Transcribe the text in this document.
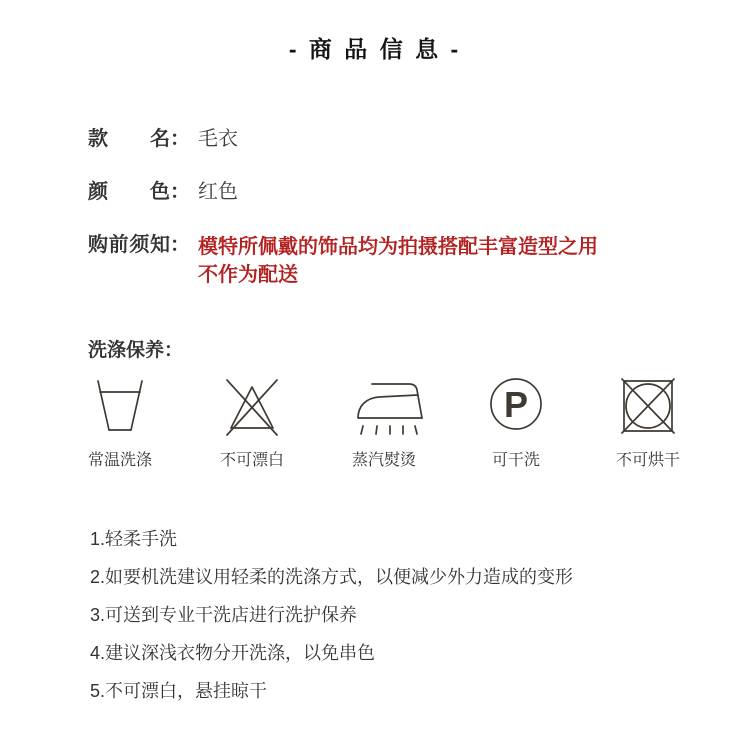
- 商 品 信 息 -
款名 ： 毛衣
颜色 ： 红色
购前须知 ： 模特所佩戴的饰品均为拍摄搭配丰富造型之用
不作为配送
洗涤保养：
常温洗涤	不可漂白	蒸汽熨烫
P
可干洗	不可烘干
1.轻柔手洗
2.如要机洗建议用轻柔的洗涤方式，以便减少外力造成的变形
3.可送到专业干洗店进行洗护保养
4.建议深浅衣物分开洗涤，以免串色
5.不可漂白，悬挂晾干
